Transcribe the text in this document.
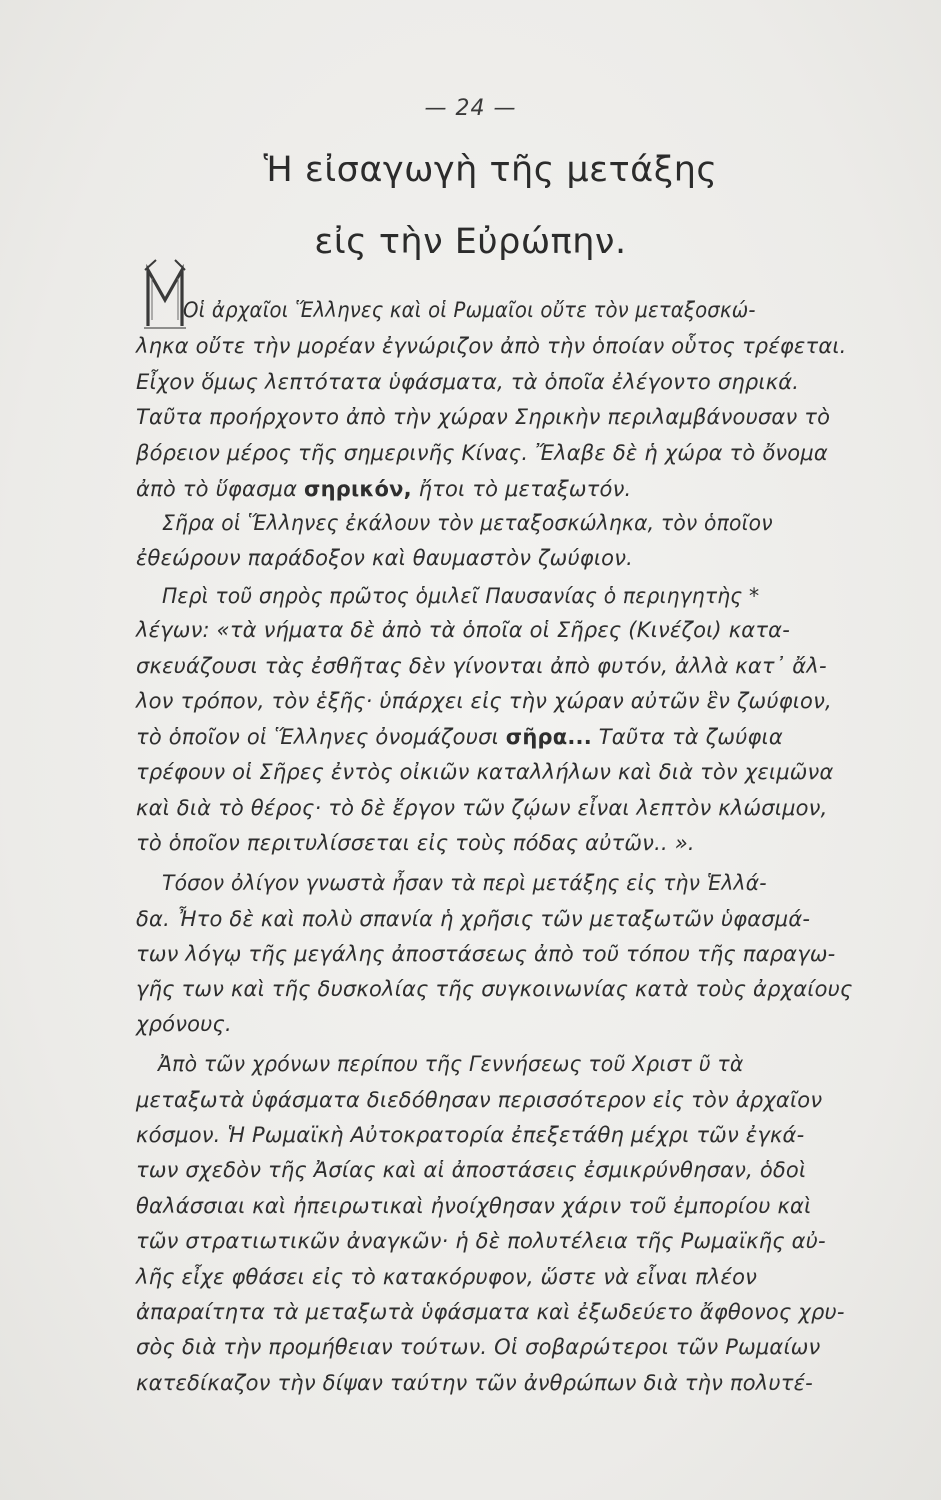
— 24 —
Ἡ εἰσαγωγὴ τῆς μετάξης
εἰς τὴν Εὐρώπην.
Οἱ ἀρχαῖοι Ἕλληνες καὶ οἱ Ρωμαῖοι οὔτε τὸν μεταξοσκώ-
ληκα οὔτε τὴν μορέαν ἐγνώριζον ἀπὸ τὴν ὁποίαν οὗτος τρέφεται.
Εἶχον ὅμως λεπτότατα ὑφάσματα, τὰ ὁποῖα ἐλέγοντο σηρικά.
Ταῦτα προήρχοντο ἀπὸ τὴν χώραν Σηρικὴν περιλαμβάνουσαν τὸ
βόρειον μέρος τῆς σημερινῆς Κίνας. Ἔλαβε δὲ ἡ χώρα τὸ ὄνομα
ἀπὸ τὸ ὕφασμα σηρικόν, ἤτοι τὸ μεταξωτόν.
Σῆρα οἱ Ἕλληνες ἐκάλουν τὸν μεταξοσκώληκα, τὸν ὁποῖον
ἐθεώρουν παράδοξον καὶ θαυμαστὸν ζωύφιον.
Περὶ τοῦ σηρὸς πρῶτος ὁμιλεῖ Παυσανίας ὁ περιηγητὴς *
λέγων: «τὰ νήματα δὲ ἀπὸ τὰ ὁποῖα οἱ Σῆρες (Κινέζοι) κατα-
σκευάζουσι τὰς ἐσθῆτας δὲν γίνονται ἀπὸ φυτόν, ἀλλὰ κατ᾽ ἄλ-
λον τρόπον, τὸν ἑξῆς· ὑπάρχει εἰς τὴν χώραν αὐτῶν ἓν ζωύφιον,
τὸ ὁποῖον οἱ Ἕλληνες ὀνομάζουσι σῆρα... Ταῦτα τὰ ζωύφια
τρέφουν οἱ Σῆρες ἐντὸς οἰκιῶν καταλλήλων καὶ διὰ τὸν χειμῶνα
καὶ διὰ τὸ θέρος· τὸ δὲ ἔργον τῶν ζῴων εἶναι λεπτὸν κλώσιμον,
τὸ ὁποῖον περιτυλίσσεται εἰς τοὺς πόδας αὐτῶν.. ».
Τόσον ὀλίγον γνωστὰ ἦσαν τὰ περὶ μετάξης εἰς τὴν Ἑλλά-
δα. Ἦτο δὲ καὶ πολὺ σπανία ἡ χρῆσις τῶν μεταξωτῶν ὑφασμά-
των λόγῳ τῆς μεγάλης ἀποστάσεως ἀπὸ τοῦ τόπου τῆς παραγω-
γῆς των καὶ τῆς δυσκολίας τῆς συγκοινωνίας κατὰ τοὺς ἀρχαίους
χρόνους.
Ἀπὸ τῶν χρόνων περίπου τῆς Γεννήσεως τοῦ Χριστ ῦ τὰ
μεταξωτὰ ὑφάσματα διεδόθησαν περισσότερον εἰς τὸν ἀρχαῖον
κόσμον. Ἡ Ρωμαϊκὴ Αὐτοκρατορία ἐπεξετάθη μέχρι τῶν ἐγκά-
των σχεδὸν τῆς Ἀσίας καὶ αἱ ἀποστάσεις ἐσμικρύνθησαν, ὁδοὶ
θαλάσσιαι καὶ ἠπειρωτικαὶ ἠνοίχθησαν χάριν τοῦ ἐμπορίου καὶ
τῶν στρατιωτικῶν ἀναγκῶν· ἡ δὲ πολυτέλεια τῆς Ρωμαϊκῆς αὐ-
λῆς εἶχε φθάσει εἰς τὸ κατακόρυφον, ὥστε νὰ εἶναι πλέον
ἀπαραίτητα τὰ μεταξωτὰ ὑφάσματα καὶ ἐξωδεύετο ἄφθονος χρυ-
σὸς διὰ τὴν προμήθειαν τούτων. Οἱ σοβαρώτεροι τῶν Ρωμαίων
κατεδίκαζον τὴν δίψαν ταύτην τῶν ἀνθρώπων διὰ τὴν πολυτέ-
